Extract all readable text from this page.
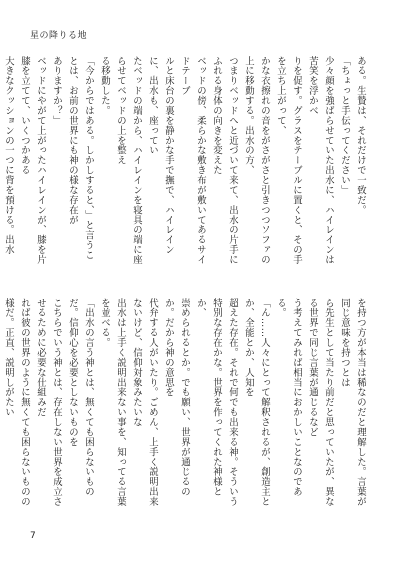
星の降りる地

ある。生贄は、それだけで一致だ。

「ちょっと手伝ってください」

少々顔を強ばらせていた出水に、ハイレインは苦笑を浮かべ

りを促す。グラスをテーブルに置くと、その手を立ち上がって、

かな衣擦れの音をがさがさと引きつつソファの上に移動する。出水の方、

つまりベッドへと近づいて来て、出水の片手にふれる身体の向きを変えた

ベッドの傍、柔らかな敷き布が敷いてあるサイドテーブ

ルと床台の裏を静かな手で撫で、ハイレインに、出水も、座ってい

たベッドの端から、ハイレインを寝具の端に座らせてベッドの上を整え

る移動した。

「今からではある。しかしすると、」と言うことは、お前の世界にも神の様な存在が

ありますか？」

ベッドにやがて上がったハイレインが、膝を片膝を立てて、いくつかある

大きなクッションの一つに背を預ける。出水

を持つ方が本当は稀なのだと理解した。言葉が同じ意味を持つとは

ら先生として当たり前だと思っていたが、異なる世界で同じ言葉が通じるなど

う考えてみれば相当におかしいことなのである。

「ん……人々にとって解釈されるが、創造主とか、全能とか、人知を

超えた存在。それで何でも出来る神。そういう特別な存在かな。世界を作ってくれた神様とか、

崇められるとか。でも願い、世界が通じるのか。だから神の意思を

代弁する人がいたり。ごめん、上手く説明出来ないけど、信仰対象みたいな

出水は上手く説明出来ない事を、知ってる言葉を並べる。

「出水の言う神とは、無くても困らないものだ。信仰心を必要としないものを

こちらでいう神とは、存在しない世界を成立させるために必要な仕組みだ

れば彼の世界のように無くても困らないものの様だ。正直、説明しがたい

7
